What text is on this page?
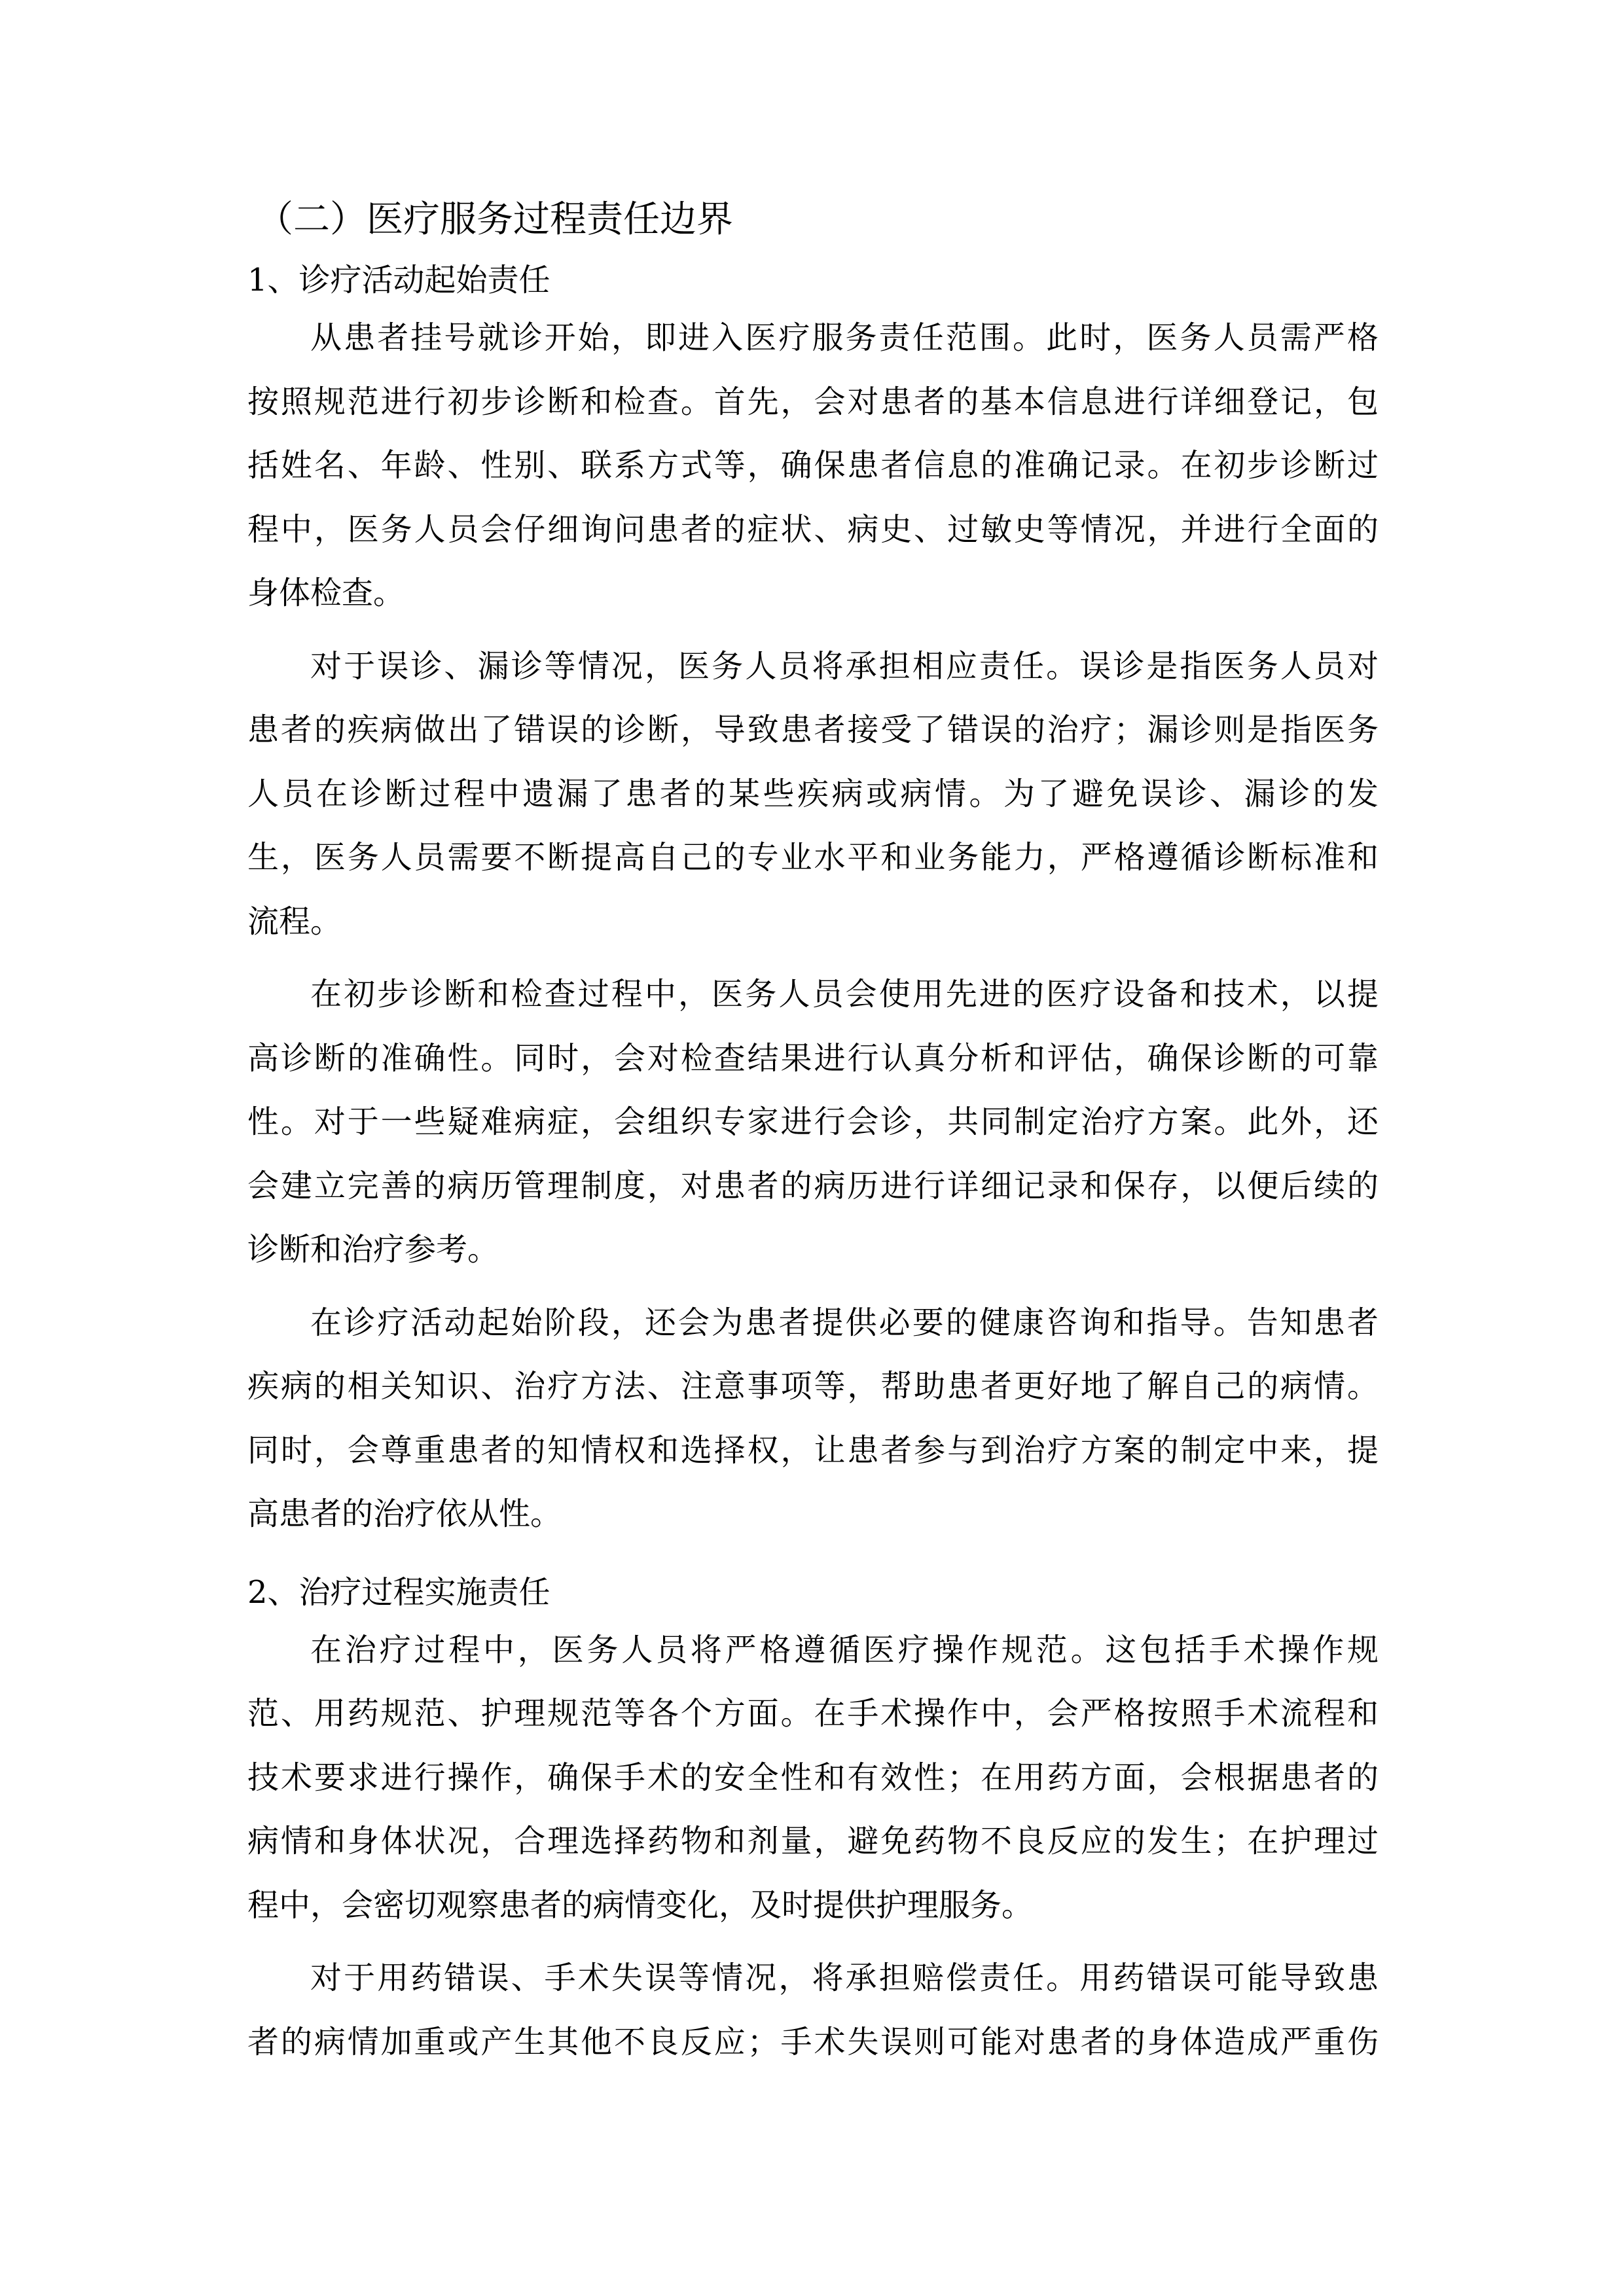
（二）医疗服务过程责任边界
1、诊疗活动起始责任

从患者挂号就诊开始，即进入医疗服务责任范围。此时，医务人员需严格
按照规范进行初步诊断和检查。首先，会对患者的基本信息进行详细登记，包
括姓名、年龄、性别、联系方式等，确保患者信息的准确记录。在初步诊断过
程中，医务人员会仔细询问患者的症状、病史、过敏史等情况，并进行全面的
身体检查。

对于误诊、漏诊等情况，医务人员将承担相应责任。误诊是指医务人员对
患者的疾病做出了错误的诊断，导致患者接受了错误的治疗；漏诊则是指医务
人员在诊断过程中遗漏了患者的某些疾病或病情。为了避免误诊、漏诊的发
生，医务人员需要不断提高自己的专业水平和业务能力，严格遵循诊断标准和
流程。

在初步诊断和检查过程中，医务人员会使用先进的医疗设备和技术，以提
高诊断的准确性。同时，会对检查结果进行认真分析和评估，确保诊断的可靠
性。对于一些疑难病症，会组织专家进行会诊，共同制定治疗方案。此外，还
会建立完善的病历管理制度，对患者的病历进行详细记录和保存，以便后续的
诊断和治疗参考。

在诊疗活动起始阶段，还会为患者提供必要的健康咨询和指导。告知患者
疾病的相关知识、治疗方法、注意事项等，帮助患者更好地了解自己的病情。
同时，会尊重患者的知情权和选择权，让患者参与到治疗方案的制定中来，提
高患者的治疗依从性。

2、治疗过程实施责任

在治疗过程中，医务人员将严格遵循医疗操作规范。这包括手术操作规
范、用药规范、护理规范等各个方面。在手术操作中，会严格按照手术流程和
技术要求进行操作，确保手术的安全性和有效性；在用药方面，会根据患者的
病情和身体状况，合理选择药物和剂量，避免药物不良反应的发生；在护理过
程中，会密切观察患者的病情变化，及时提供护理服务。

对于用药错误、手术失误等情况，将承担赔偿责任。用药错误可能导致患
者的病情加重或产生其他不良反应；手术失误则可能对患者的身体造成严重伤
